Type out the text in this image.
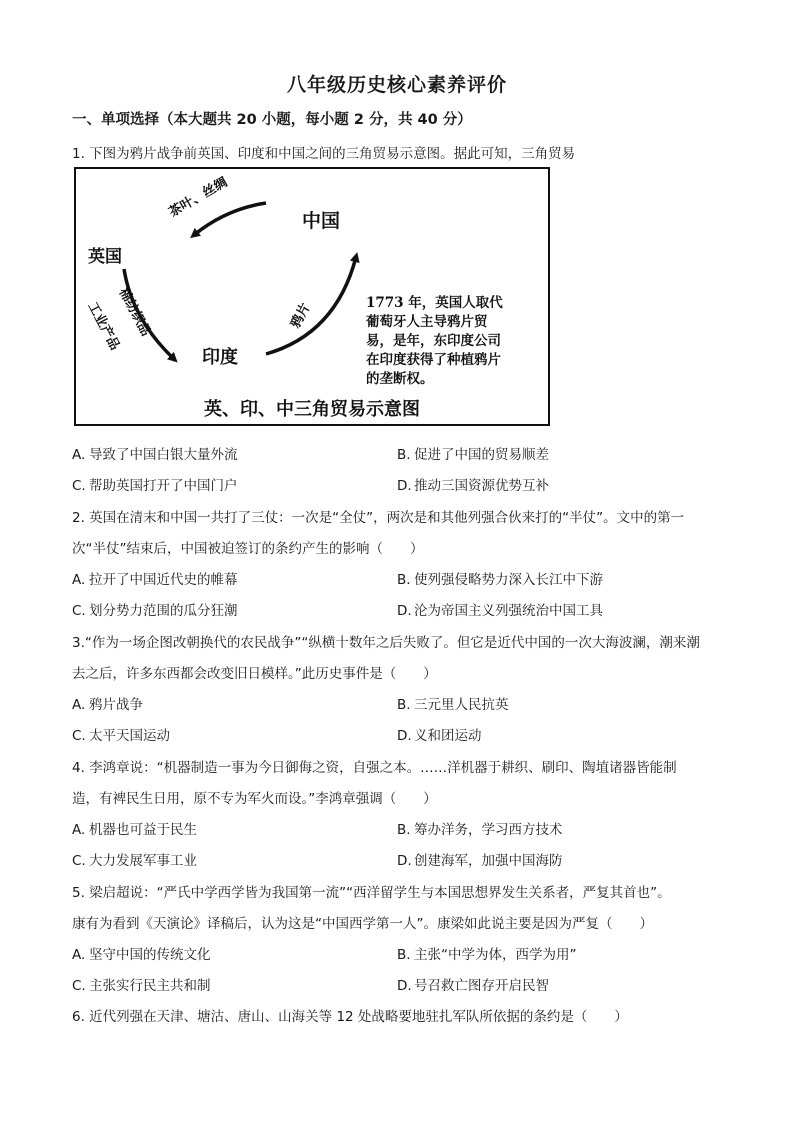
八年级历史核心素养评价
一、单项选择（本大题共 20 小题，每小题 2 分，共 40 分）
1. 下图为鸦片战争前英国、印度和中国之间的三角贸易示意图。据此可知，三角贸易
中国
英国
印度
茶叶、丝绸
棉纺织品
工业产品	鸦片	1773 年，英国人取代
葡萄牙人主导鸦片贸
易，是年，东印度公司
在印度获得了种植鸦片
的垄断权。
英、印、中三角贸易示意图
A. 导致了中国白银大量外流	B. 促进了中国的贸易顺差
C. 帮助英国打开了中国门户	D. 推动三国资源优势互补
2. 英国在清末和中国一共打了三仗：一次是“全仗”，两次是和其他列强合伙来打的“半仗”。文中的第一
次“半仗”结束后，中国被迫签订的条约产生的影响（　　）
A. 拉开了中国近代史的帷幕	B. 使列强侵略势力深入长江中下游
C. 划分势力范围的瓜分狂潮	D. 沦为帝国主义列强统治中国工具
3.“作为一场企图改朝换代的农民战争”“纵横十数年之后失败了。但它是近代中国的一次大海波澜，潮来潮
去之后，许多东西都会改变旧日模样。”此历史事件是（　　）
A. 鸦片战争	B. 三元里人民抗英
C. 太平天国运动	D. 义和团运动
4. 李鸿章说：“机器制造一事为今日御侮之资，自强之本。……洋机器于耕织、刷印、陶埴诸器皆能制
造，有裨民生日用，原不专为军火而设。”李鸿章强调（　　）
A. 机器也可益于民生	B. 筹办洋务，学习西方技术
C. 大力发展军事工业	D. 创建海军，加强中国海防
5. 梁启超说：“严氏中学西学皆为我国第一流”“西洋留学生与本国思想界发生关系者，严复其首也”。
康有为看到《天演论》译稿后，认为这是“中国西学第一人”。康梁如此说主要是因为严复（　　）
A. 坚守中国的传统文化	B. 主张“中学为体，西学为用”
C. 主张实行民主共和制	D. 号召救亡图存开启民智
6. 近代列强在天津、塘沽、唐山、山海关等 12 处战略要地驻扎军队所依据的条约是（　　）
